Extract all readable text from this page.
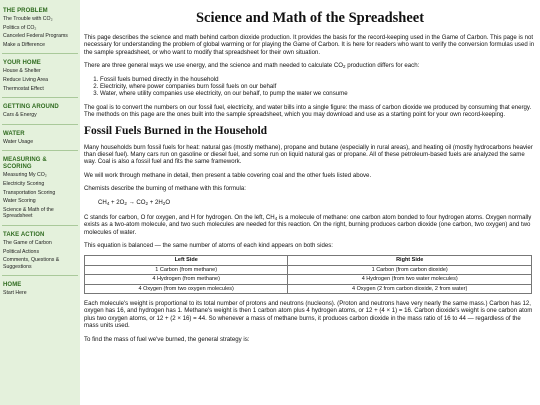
THE PROBLEM
The Trouble with CO₂
Politics of CO₂
Canceled Federal Programs
Make a Difference
YOUR HOME
House & Shelter
Reduce Living Area
Thermostat Effect
GETTING AROUND
Cars & Energy
WATER
Water Usage
MEASURING & SCORING
Measuring My CO₂
Electricity Scoring
Transportation Scoring
Water Scoring
Science & Math of the Spreadsheet
TAKE ACTION
The Game of Carbon
Political Actions
Comments, Questions & Suggestions
HOME
Start Here
Science and Math of the Spreadsheet

This page describes the science and math behind carbon dioxide production. It provides the basis for the record-keeping used in the Game of Carbon. This page is not necessary for understanding the problem of global warming or for playing the Game of Carbon. It is here for readers who want to verify the conversion formulas used in the sample spreadsheet, or who want to modify that spreadsheet for their own situation.

There are three general ways we use energy, and the science and math needed to calculate $CO_2$ production differs for each:

1. Fossil fuels burned directly in the household
2. Electricity, where power companies burn fossil fuels on our behalf
3. Water, where utility companies use electricity, on our behalf, to pump the water we consume

The goal is to convert the numbers on our fossil fuel, electricity, and water bills into a single figure: the mass of carbon dioxide we produced by consuming that energy. The methods on this page are the ones built into the sample spreadsheet, which you may download and use as a starting point for your own record-keeping.

Fossil Fuels Burned in the Household

Many households burn fossil fuels for heat: natural gas (mostly methane), propane and butane (especially in rural areas), and heating oil (mostly hydrocarbons heavier than diesel fuel). Many cars run on gasoline or diesel fuel, and some run on liquid natural gas or propane. All of these petroleum-based fuels are analyzed the same way. Coal is also a fossil fuel and fits the same framework.

We will work through methane in detail, then present a table covering coal and the other fuels listed above.

Chemists describe the burning of methane with this formula:

$CH_4 + 2O_2 \to CO_2 + 2H_2O$

C stands for carbon, O for oxygen, and H for hydrogen. On the left, $CH_4$ is a molecule of methane: one carbon atom bonded to four hydrogen atoms. Oxygen normally exists as a two-atom molecule, and two such molecules are needed for this reaction. On the right, burning produces carbon dioxide (one carbon, two oxygen) and two molecules of water.

This equation is balanced — the same number of atoms of each kind appears on both sides:

Left Side	Right Side
1 Carbon (from methane)	1 Carbon (from carbon dioxide)
4 Hydrogen (from methane)	4 Hydrogen (from two water molecules)
4 Oxygen (from two oxygen molecules)	4 Oxygen (2 from carbon dioxide, 2 from water)

Each molecule's weight is proportional to its total number of protons and neutrons (nucleons). (Proton and neutrons have very nearly the same mass.) Carbon has 12, oxygen has 16, and hydrogen has 1. Methane's weight is then 1 carbon atom plus 4 hydrogen atoms, or 12 + (4 × 1) = 16. Carbon dioxide's weight is one carbon atom plus two oxygen atoms, or 12 + (2 × 16) = 44. So whenever a mass of methane burns, it produces carbon dioxide in the mass ratio of 16 to 44 — regardless of the mass units used.

To find the mass of fuel we've burned, the general strategy is:
